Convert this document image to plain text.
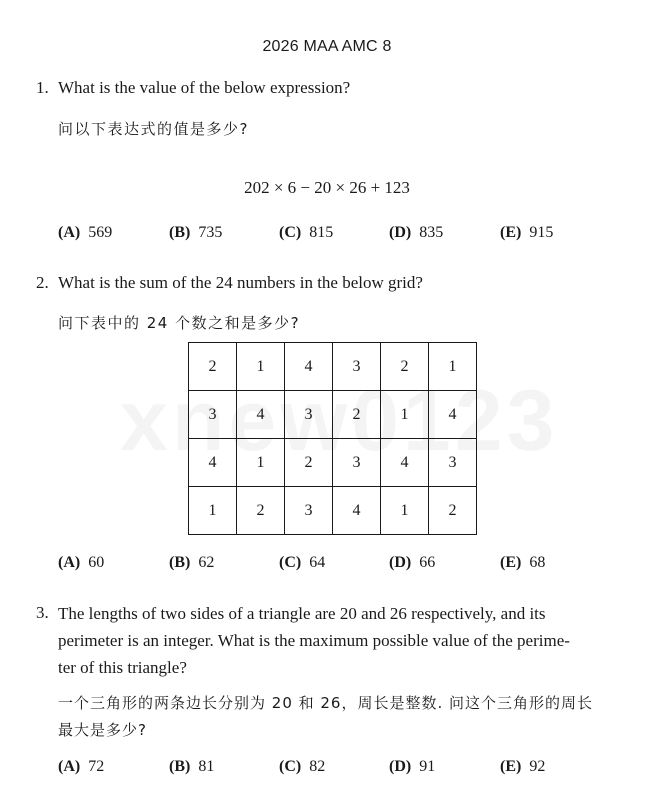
2026 MAA AMC 8
1. What is the value of the below expression?
问以下表达式的值是多少?
202 × 6 − 20 × 26 + 123
(A) 569	(B) 735	(C) 815	(D) 835	(E) 915
2. What is the sum of the 24 numbers in the below grid?
问下表中的 24 个数之和是多少?
2	1	4	3	2	1
3	4	3	2	1	4
4	1	2	3	4	3
1	2	3	4	1	2
(A) 60	(B) 62	(C) 64	(D) 66	(E) 68
3. The lengths of two sides of a triangle are 20 and 26 respectively, and its
perimeter is an integer. What is the maximum possible value of the perime-
ter of this triangle?
一个三角形的两条边长分别为 20 和 26，周长是整数. 问这个三角形的周长
最大是多少?
(A) 72	(B) 81	(C) 82	(D) 91	(E) 92
